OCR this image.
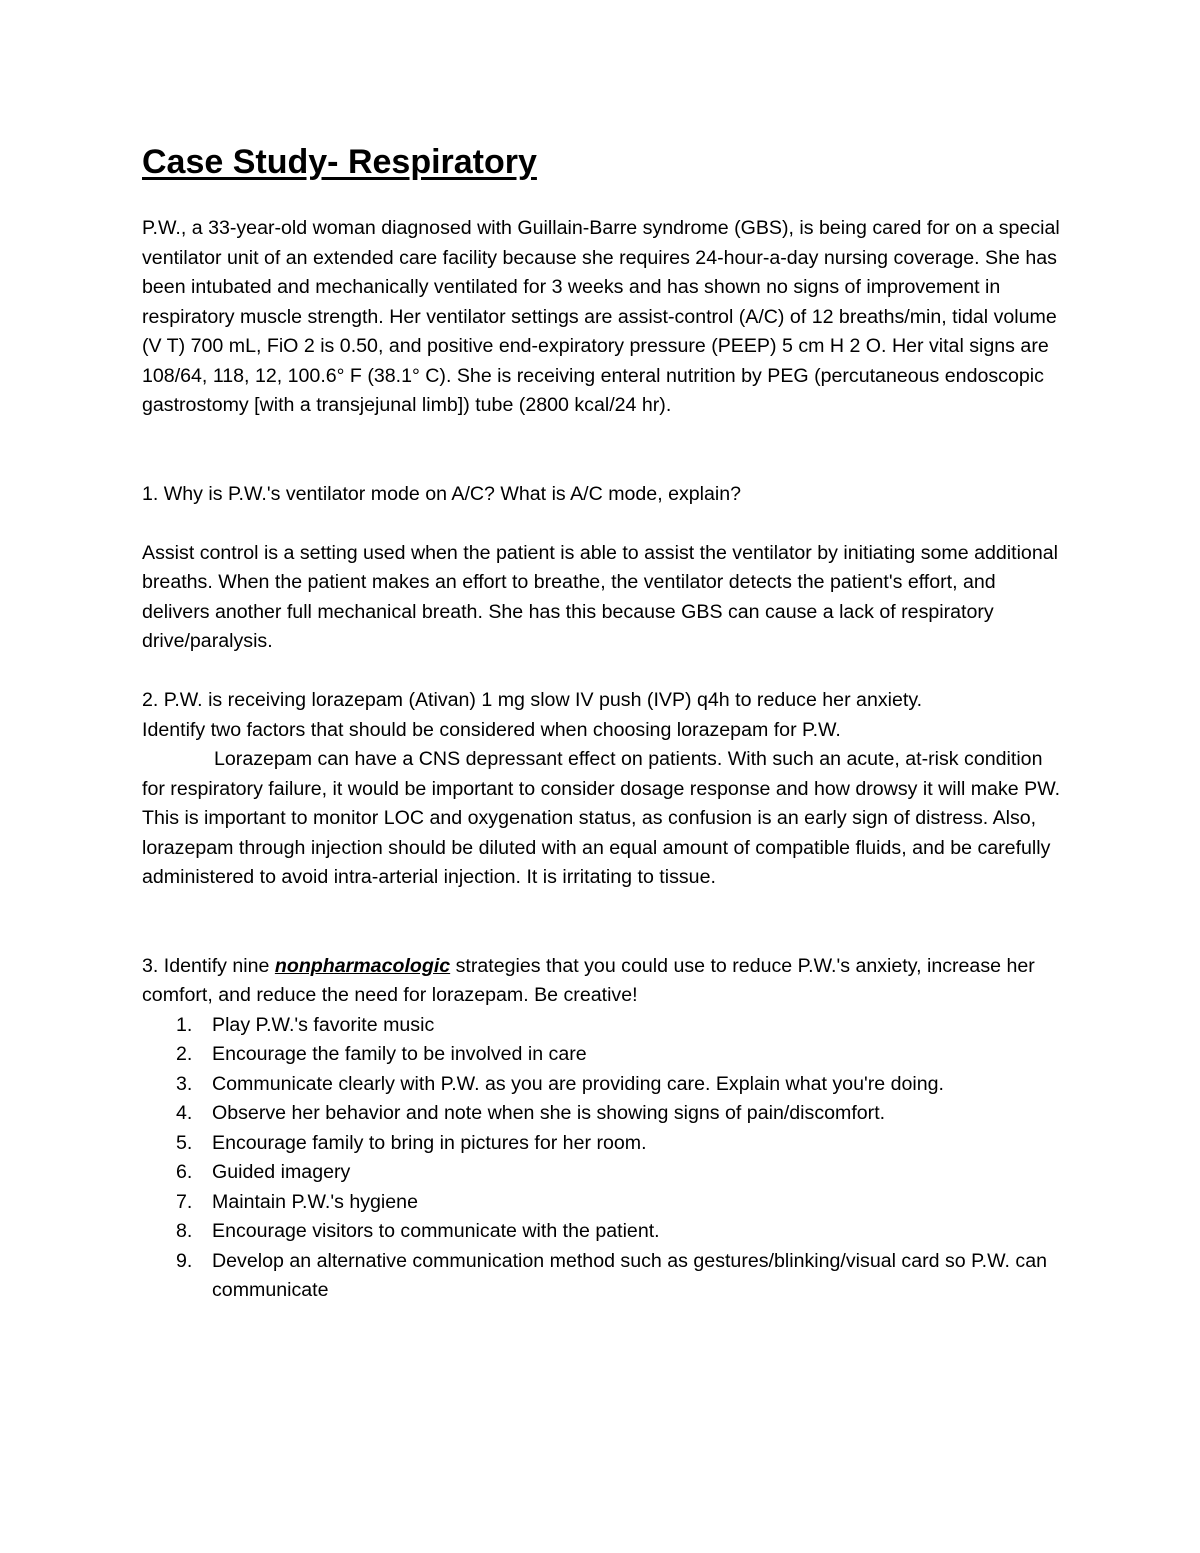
Case Study- Respiratory

P.W., a 33-year-old woman diagnosed with Guillain-Barre syndrome (GBS), is being cared for on a special ventilator unit of an extended care facility because she requires 24-hour-a-day nursing coverage. She has been intubated and mechanically ventilated for 3 weeks and has shown no signs of improvement in respiratory muscle strength. Her ventilator settings are assist-control (A/C) of 12 breaths/min, tidal volume (V T) 700 mL, FiO 2 is 0.50, and positive end-expiratory pressure (PEEP) 5 cm H 2 O. Her vital signs are 108/64, 118, 12, 100.6° F (38.1° C). She is receiving enteral nutrition by PEG (percutaneous endoscopic gastrostomy [with a transjejunal limb]) tube (2800 kcal/24 hr).

1. Why is P.W.'s ventilator mode on A/C? What is A/C mode, explain?

Assist control is a setting used when the patient is able to assist the ventilator by initiating some additional breaths. When the patient makes an effort to breathe, the ventilator detects the patient's effort, and delivers another full mechanical breath. She has this because GBS can cause a lack of respiratory drive/paralysis.

2. P.W. is receiving lorazepam (Ativan) 1 mg slow IV push (IVP) q4h to reduce her anxiety.

Identify two factors that should be considered when choosing lorazepam for P.W.

Lorazepam can have a CNS depressant effect on patients. With such an acute, at-risk condition for respiratory failure, it would be important to consider dosage response and how drowsy it will make PW. This is important to monitor LOC and oxygenation status, as confusion is an early sign of distress. Also, lorazepam through injection should be diluted with an equal amount of compatible fluids, and be carefully administered to avoid intra-arterial injection. It is irritating to tissue.

3. Identify nine nonpharmacologic strategies that you could use to reduce P.W.'s anxiety, increase her comfort, and reduce the need for lorazepam. Be creative!

1. Play P.W.'s favorite music
2. Encourage the family to be involved in care
3. Communicate clearly with P.W. as you are providing care. Explain what you're doing.
4. Observe her behavior and note when she is showing signs of pain/discomfort.
5. Encourage family to bring in pictures for her room.
6. Guided imagery
7. Maintain P.W.'s hygiene
8. Encourage visitors to communicate with the patient.
9. Develop an alternative communication method such as gestures/blinking/visual card so P.W. can communicate
